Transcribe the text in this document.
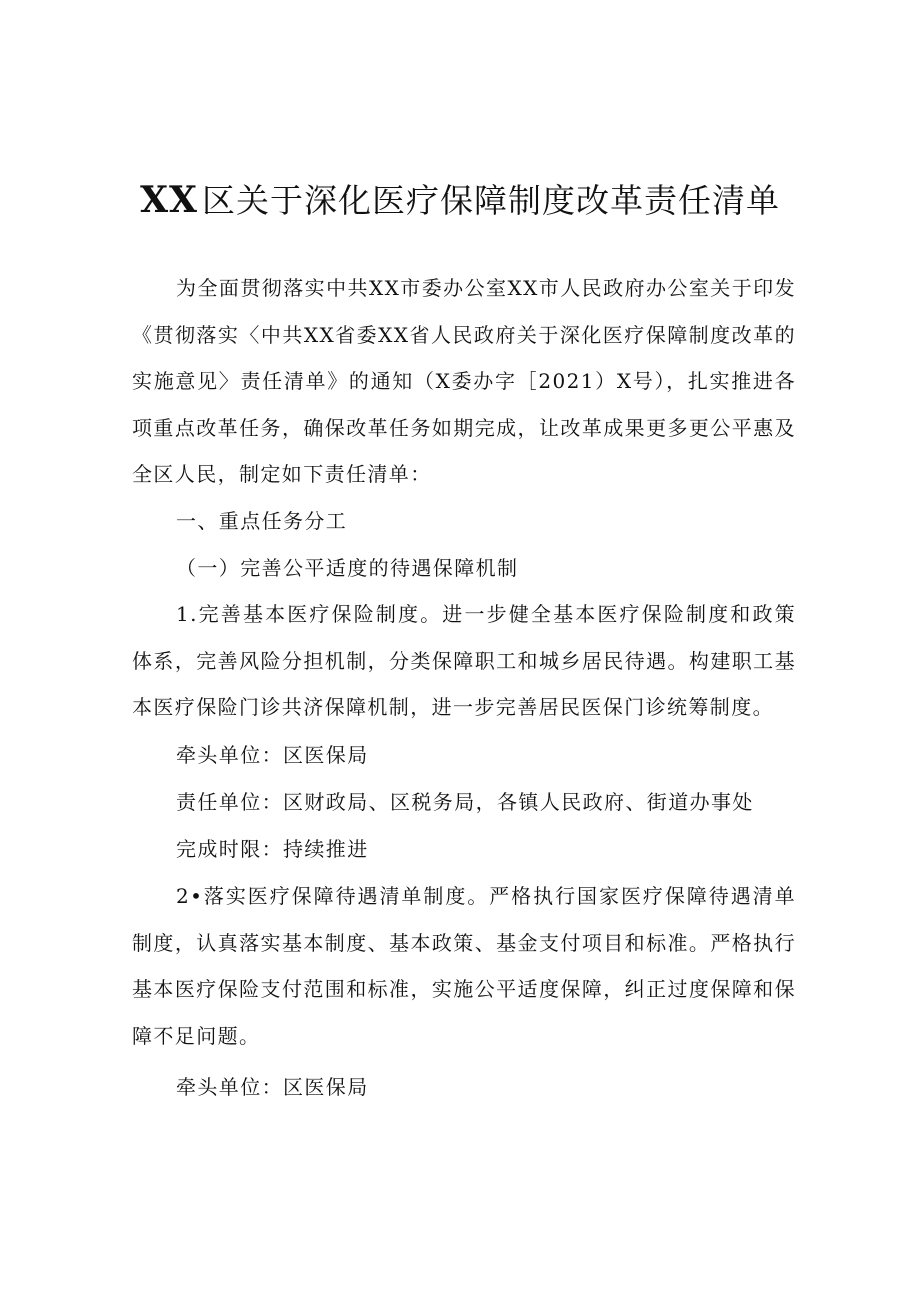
XX 区关于深化医疗保障制度改革责任清单

为全面贯彻落实中共XX市委办公室XX市人民政府办公室关于印发《贯彻落实〈中共XX省委XX省人民政府关于深化医疗保障制度改革的实施意见〉责任清单》的通知（X委办字［2021）X号），扎实推进各项重点改革任务，确保改革任务如期完成，让改革成果更多更公平惠及全区人民，制定如下责任清单：

一、重点任务分工

（一）完善公平适度的待遇保障机制

1.完善基本医疗保险制度。进一步健全基本医疗保险制度和政策体系，完善风险分担机制，分类保障职工和城乡居民待遇。构建职工基本医疗保险门诊共济保障机制，进一步完善居民医保门诊统筹制度。

牵头单位：区医保局

责任单位：区财政局、区税务局，各镇人民政府、街道办事处

完成时限：持续推进

2•落实医疗保障待遇清单制度。严格执行国家医疗保障待遇清单制度，认真落实基本制度、基本政策、基金支付项目和标准。严格执行基本医疗保险支付范围和标准，实施公平适度保障，纠正过度保障和保障不足问题。

牵头单位：区医保局
